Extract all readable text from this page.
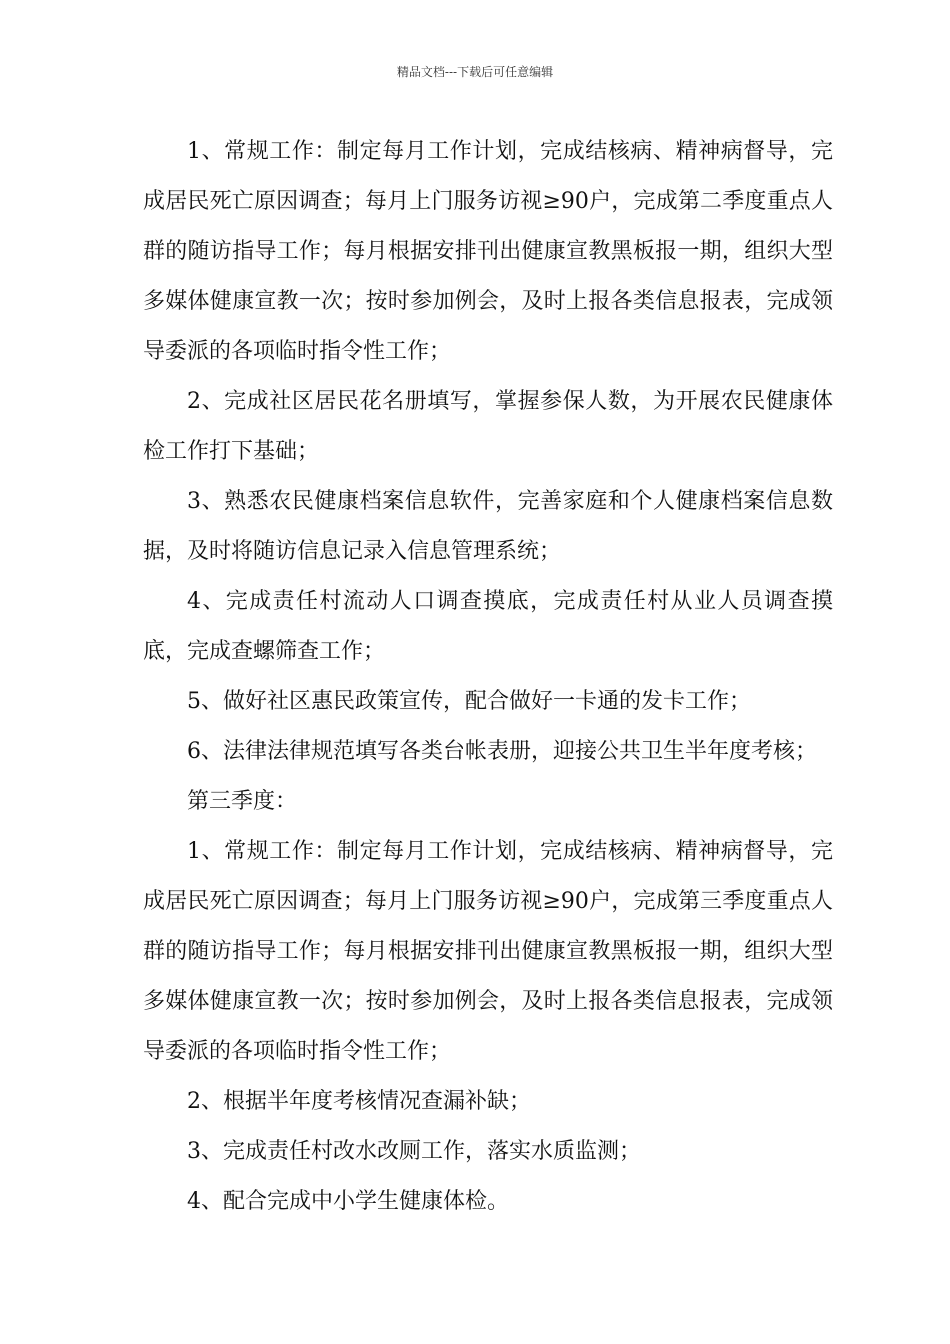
精品文档---下载后可任意编辑

1、常规工作：制定每月工作计划，完成结核病、精神病督导，完成居民死亡原因调查；每月上门服务访视≥90户，完成第二季度重点人群的随访指导工作；每月根据安排刊出健康宣教黑板报一期，组织大型多媒体健康宣教一次；按时参加例会，及时上报各类信息报表，完成领导委派的各项临时指令性工作；

2、完成社区居民花名册填写，掌握参保人数，为开展农民健康体检工作打下基础；

3、熟悉农民健康档案信息软件，完善家庭和个人健康档案信息数据，及时将随访信息记录入信息管理系统；

4、完成责任村流动人口调查摸底，完成责任村从业人员调查摸底，完成查螺筛查工作；

5、做好社区惠民政策宣传，配合做好一卡通的发卡工作；

6、法律法律规范填写各类台帐表册，迎接公共卫生半年度考核；

第三季度：

1、常规工作：制定每月工作计划，完成结核病、精神病督导，完成居民死亡原因调查；每月上门服务访视≥90户，完成第三季度重点人群的随访指导工作；每月根据安排刊出健康宣教黑板报一期，组织大型多媒体健康宣教一次；按时参加例会，及时上报各类信息报表，完成领导委派的各项临时指令性工作；

2、根据半年度考核情况查漏补缺；

3、完成责任村改水改厕工作，落实水质监测；

4、配合完成中小学生健康体检。
